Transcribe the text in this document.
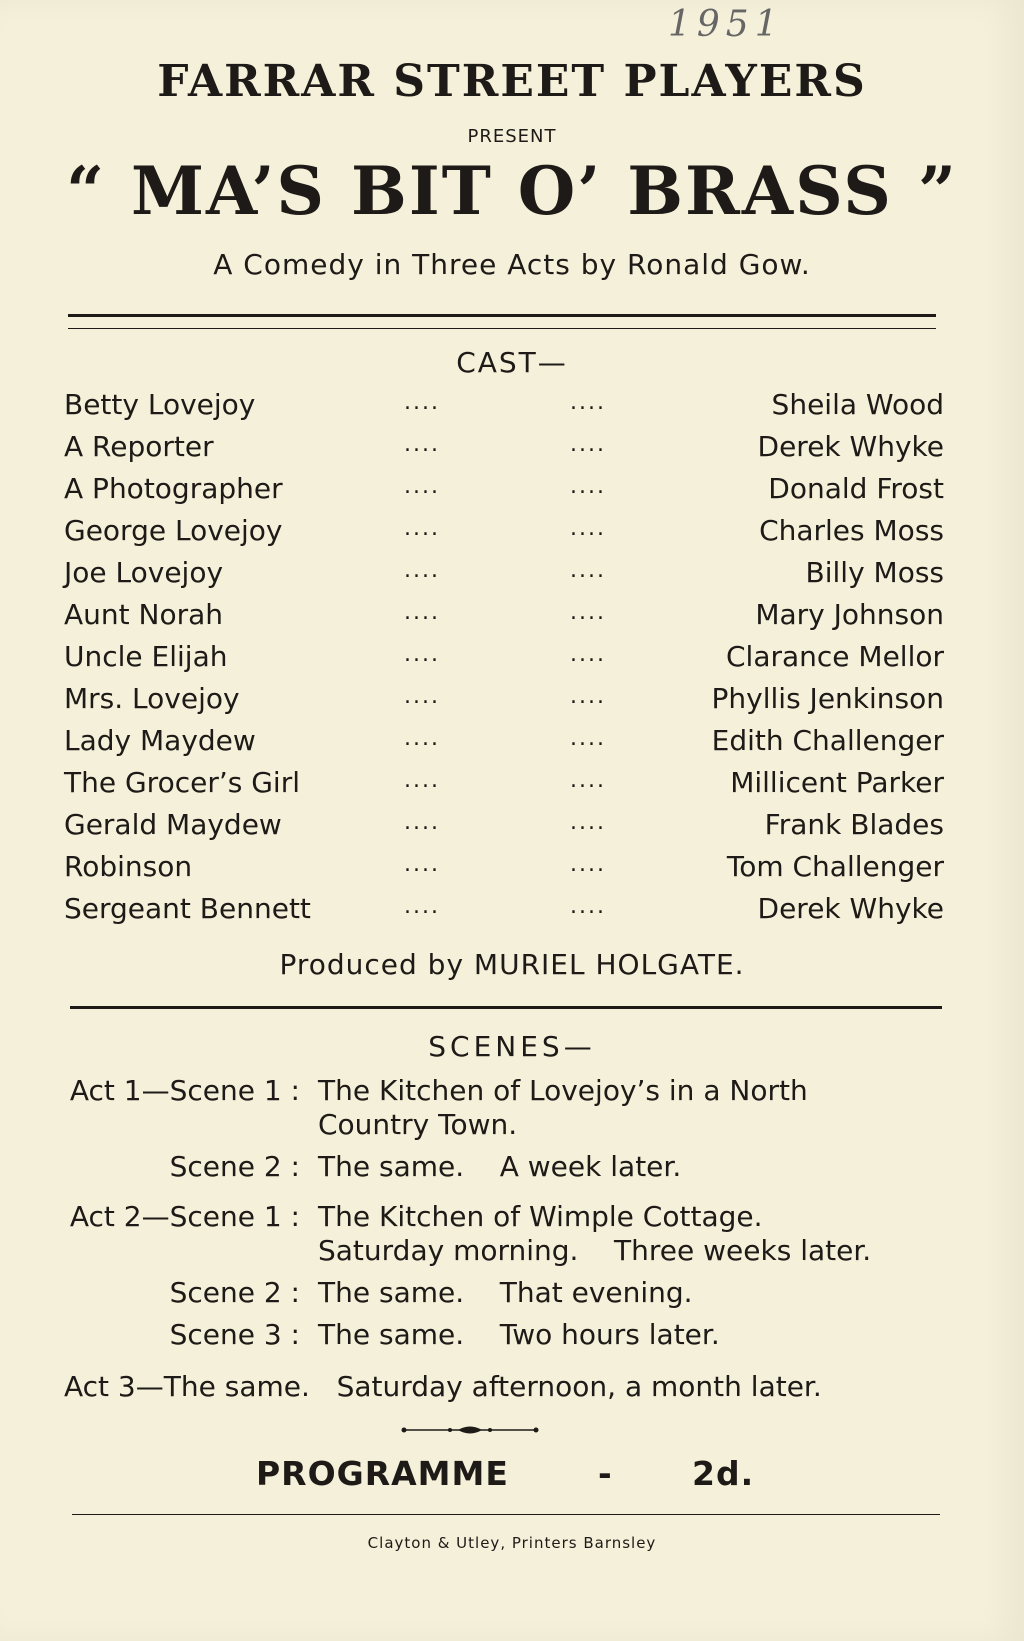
1951
FARRAR STREET PLAYERS
PRESENT
“ MA’S BIT O’ BRASS ”
A Comedy in Three Acts by Ronald Gow.
CAST—
Betty Lovejoy	....	....	Sheila Wood
A Reporter	....	....	Derek Whyke
A Photographer	....	....	Donald Frost
George Lovejoy	....	....	Charles Moss
Joe Lovejoy	....	....	Billy Moss
Aunt Norah	....	....	Mary Johnson
Uncle Elijah	....	....	Clarance Mellor
Mrs. Lovejoy	....	....	Phyllis Jenkinson
Lady Maydew	....	....	Edith Challenger
The Grocer’s Girl	....	....	Millicent Parker
Gerald Maydew	....	....	Frank Blades
Robinson	....	....	Tom Challenger
Sergeant Bennett	....	....	Derek Whyke
Produced by MURIEL HOLGATE.
SCENES—
Act 1—Scene 1 : The Kitchen of Lovejoy’s in a North
Country Town.
Scene 2 : The same.    A week later.
Act 2—Scene 1 : The Kitchen of Wimple Cottage.
Saturday morning.    Three weeks later.
Scene 2 : The same.    That evening.
Scene 3 : The same.    Two hours later.
Act 3—The same.   Saturday afternoon, a month later.
PROGRAMME	- 2d.
Clayton & Utley, Printers Barnsley
